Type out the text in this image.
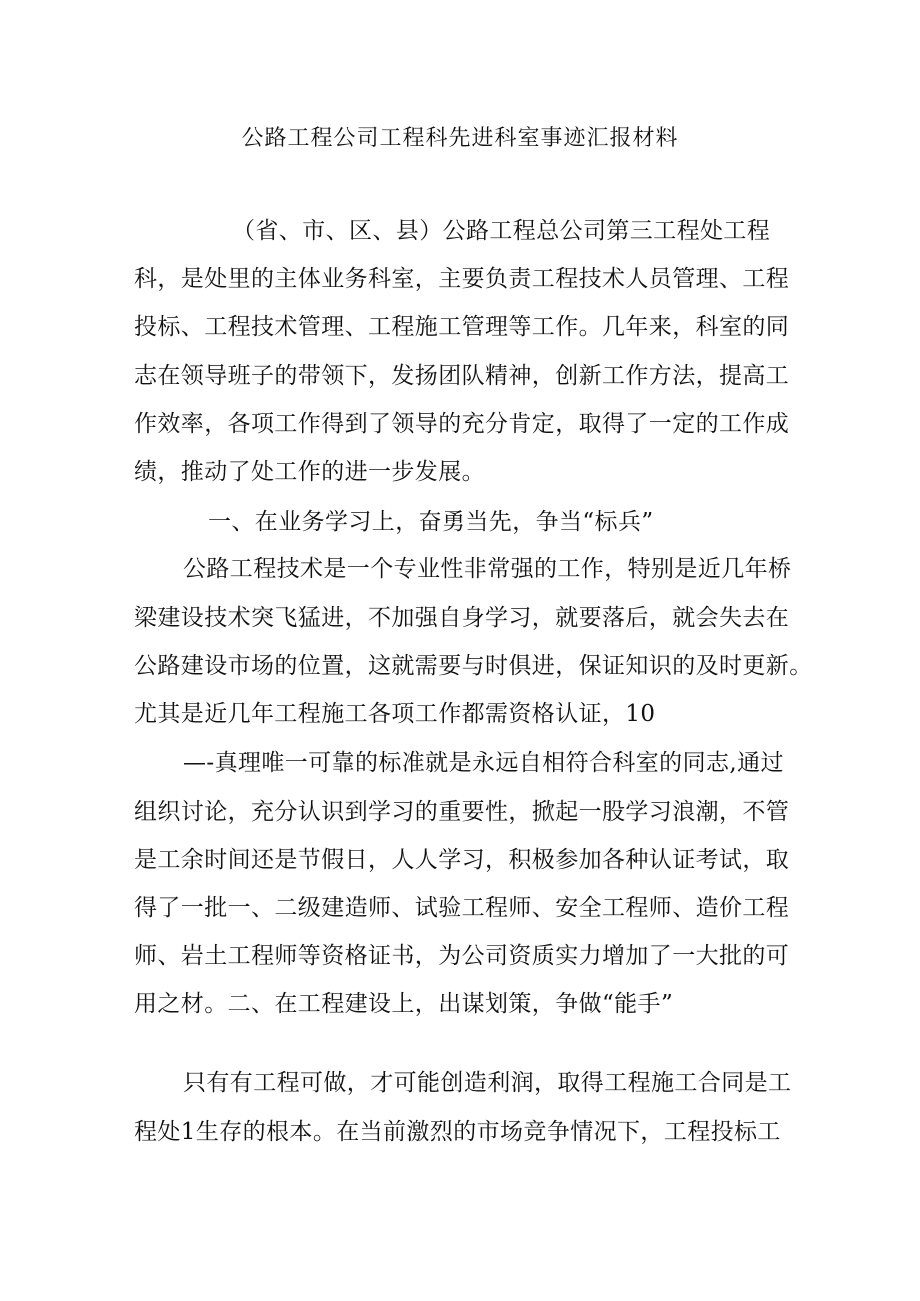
公路工程公司工程科先进科室事迹汇报材料
（省、市、区、县）公路工程总公司第三工程处工程
科，是处里的主体业务科室，主要负责工程技术人员管理、工程
投标、工程技术管理、工程施工管理等工作。几年来，科室的同
志在领导班子的带领下，发扬团队精神，创新工作方法，提高工
作效率，各项工作得到了领导的充分肯定，取得了一定的工作成
绩，推动了处工作的进一步发展。
一、在业务学习上，奋勇当先，争当“标兵”
公路工程技术是一个专业性非常强的工作，特别是近几年桥
梁建设技术突飞猛进，不加强自身学习，就要落后，就会失去在
公路建设市场的位置，这就需要与时俱进，保证知识的及时更新。
尤其是近几年工程施工各项工作都需资格认证，10
—-真理唯一可靠的标准就是永远自相符合科室的同志,通过
组织讨论，充分认识到学习的重要性，掀起一股学习浪潮，不管
是工余时间还是节假日，人人学习，积极参加各种认证考试，取
得了一批一、二级建造师、试验工程师、安全工程师、造价工程
师、岩土工程师等资格证书，为公司资质实力增加了一大批的可
用之材。二、在工程建设上，出谋划策，争做“能手”
只有有工程可做，才可能创造利润，取得工程施工合同是工
程处1生存的根本。在当前激烈的市场竞争情况下，工程投标工
